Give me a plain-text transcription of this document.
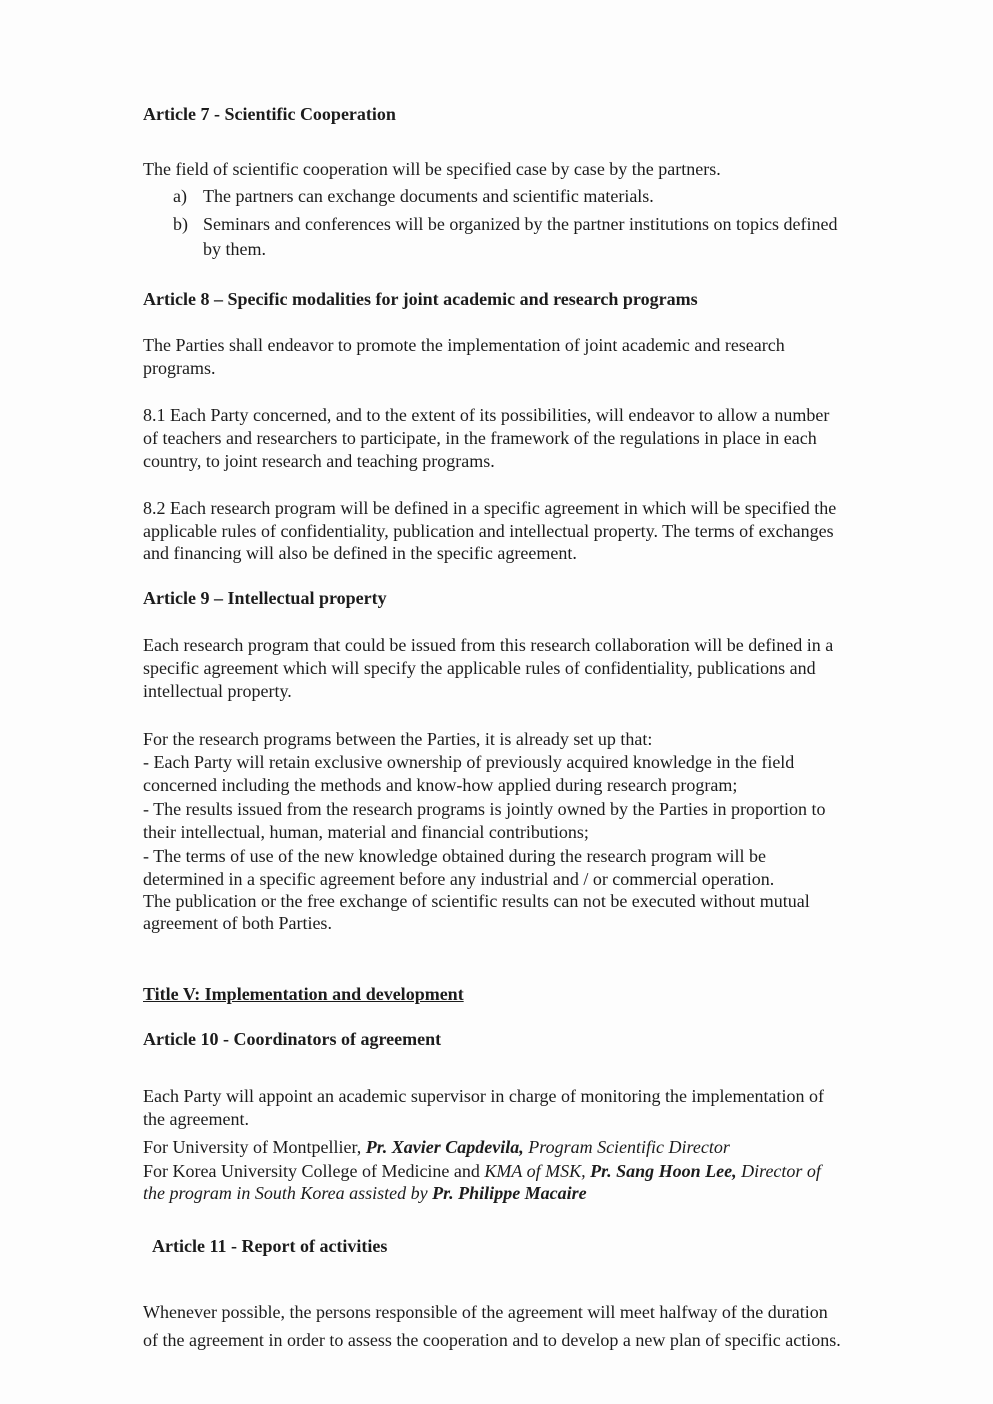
Article 7 - Scientific Cooperation
The field of scientific cooperation will be specified case by case by the partners.
a) The partners can exchange documents and scientific materials.
b) Seminars and conferences will be organized by the partner institutions on topics defined
by them.
Article 8 – Specific modalities for joint academic and research programs
The Parties shall endeavor to promote the implementation of joint academic and research
programs.
8.1 Each Party concerned, and to the extent of its possibilities, will endeavor to allow a number
of teachers and researchers to participate, in the framework of the regulations in place in each
country, to joint research and teaching programs.
8.2 Each research program will be defined in a specific agreement in which will be specified the
applicable rules of confidentiality, publication and intellectual property. The terms of exchanges
and financing will also be defined in the specific agreement.
Article 9 – Intellectual property
Each research program that could be issued from this research collaboration will be defined in a
specific agreement which will specify the applicable rules of confidentiality, publications and
intellectual property.
For the research programs between the Parties, it is already set up that:
- Each Party will retain exclusive ownership of previously acquired knowledge in the field
concerned including the methods and know-how applied during research program;
- The results issued from the research programs is jointly owned by the Parties in proportion to
their intellectual, human, material and financial contributions;
- The terms of use of the new knowledge obtained during the research program will be
determined in a specific agreement before any industrial and / or commercial operation.
The publication or the free exchange of scientific results can not be executed without mutual
agreement of both Parties.
Title V: Implementation and development
Article 10 - Coordinators of agreement
Each Party will appoint an academic supervisor in charge of monitoring the implementation of
the agreement.
For University of Montpellier, Pr. Xavier Capdevila, Program Scientific Director
For Korea University College of Medicine and KMA of MSK, Pr. Sang Hoon Lee, Director of
the program in South Korea assisted by Pr. Philippe Macaire
Article 11 - Report of activities
Whenever possible, the persons responsible of the agreement will meet halfway of the duration
of the agreement in order to assess the cooperation and to develop a new plan of specific actions.
